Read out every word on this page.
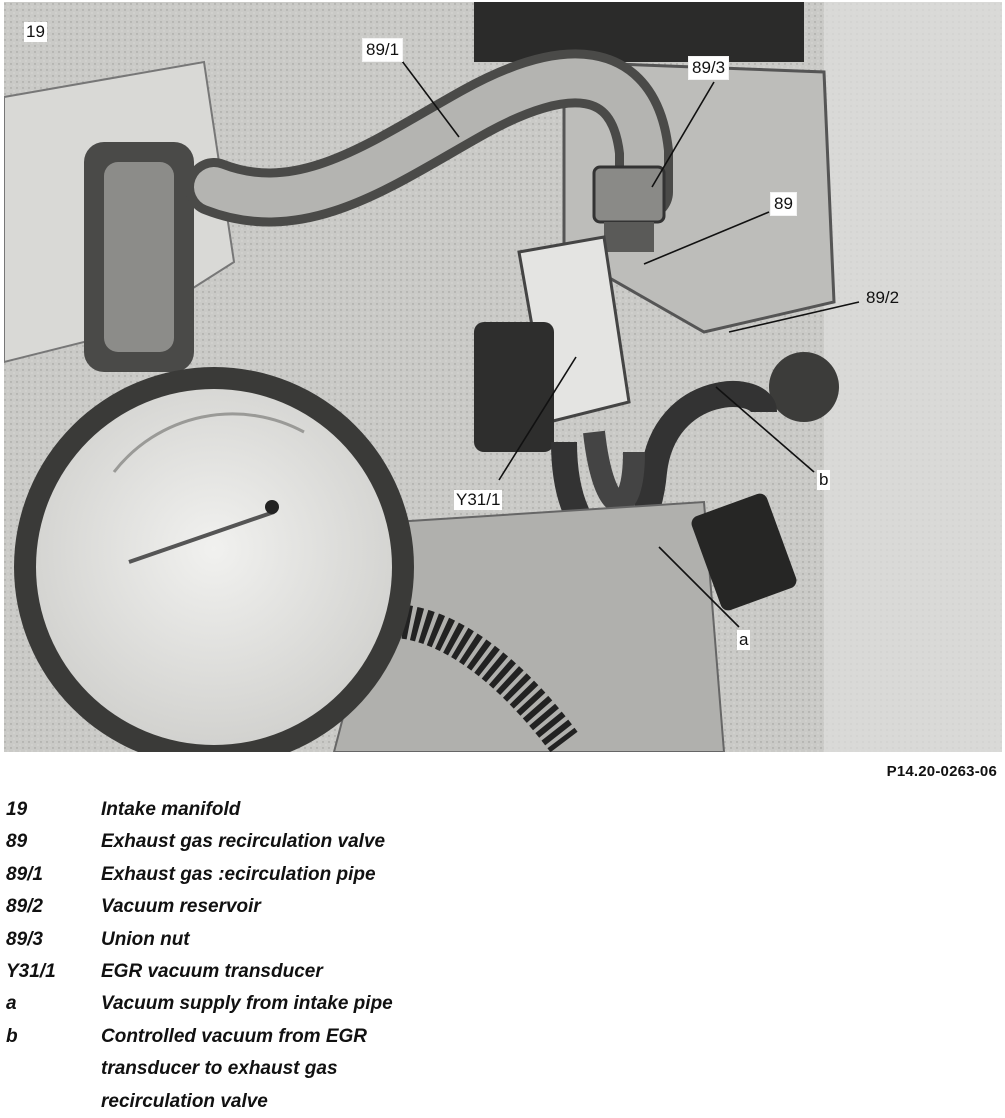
19
89/1
89/3
89
89/2
Y31/1
b
a
P14.20-0263-06
19	Intake manifold
89	Exhaust gas recirculation valve
89/1	Exhaust gas :ecirculation pipe
89/2	Vacuum reservoir
89/3	Union nut
Y31/1	EGR vacuum transducer
a	Vacuum supply from intake pipe
b	Controlled vacuum from EGR
transducer to exhaust gas
recirculation valve
